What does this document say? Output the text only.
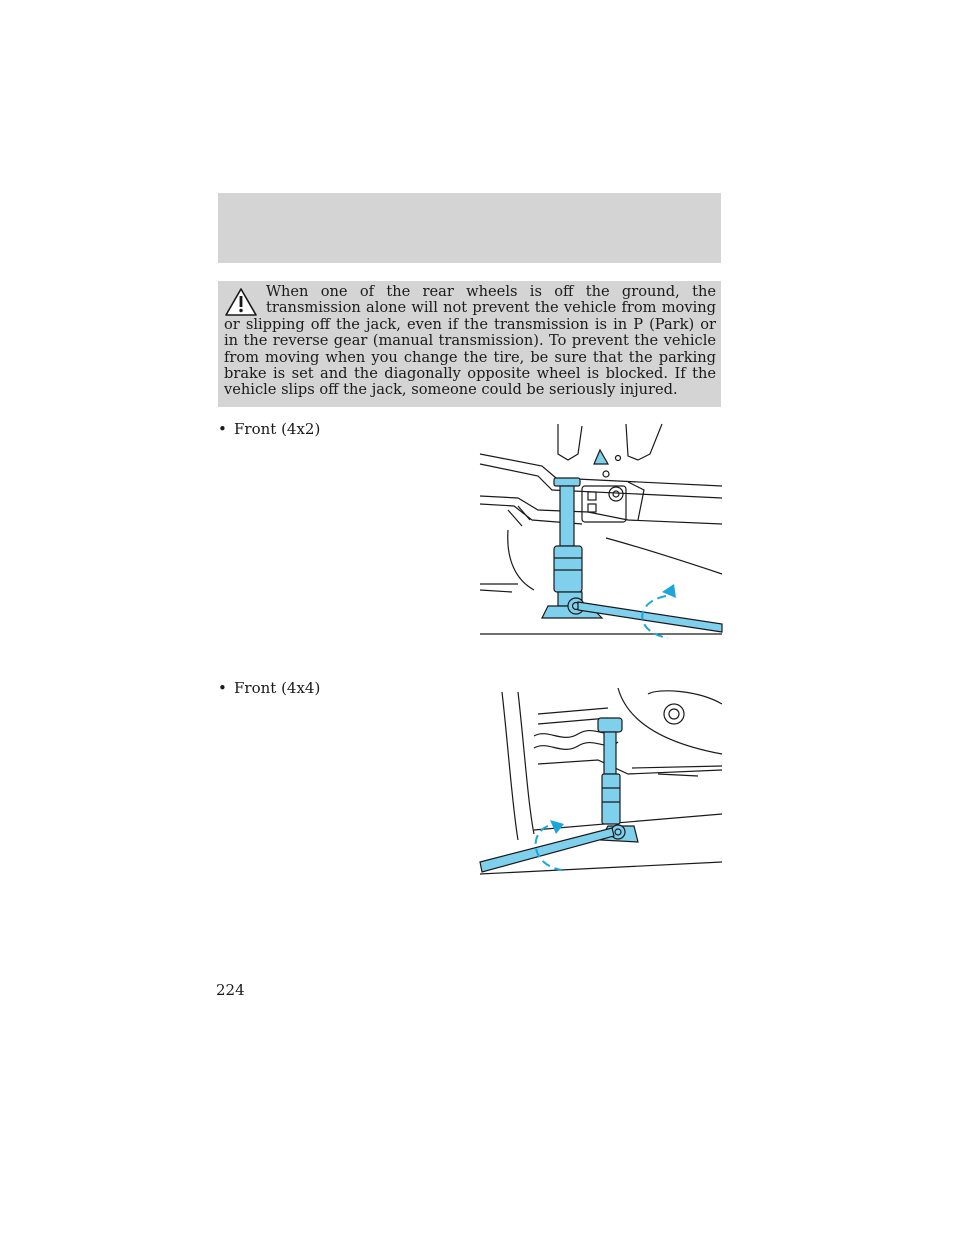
When one of the rear wheels is off the ground, the transmission alone will not prevent the vehicle from moving or slipping off the jack, even if the transmission is in P (Park) or in the reverse gear (manual transmission). To prevent the vehicle from moving when you change the tire, be sure that the parking brake is set and the diagonally opposite wheel is blocked. If the vehicle slips off the jack, someone could be seriously injured.
• Front (4x2)
• Front (4x4)
224
